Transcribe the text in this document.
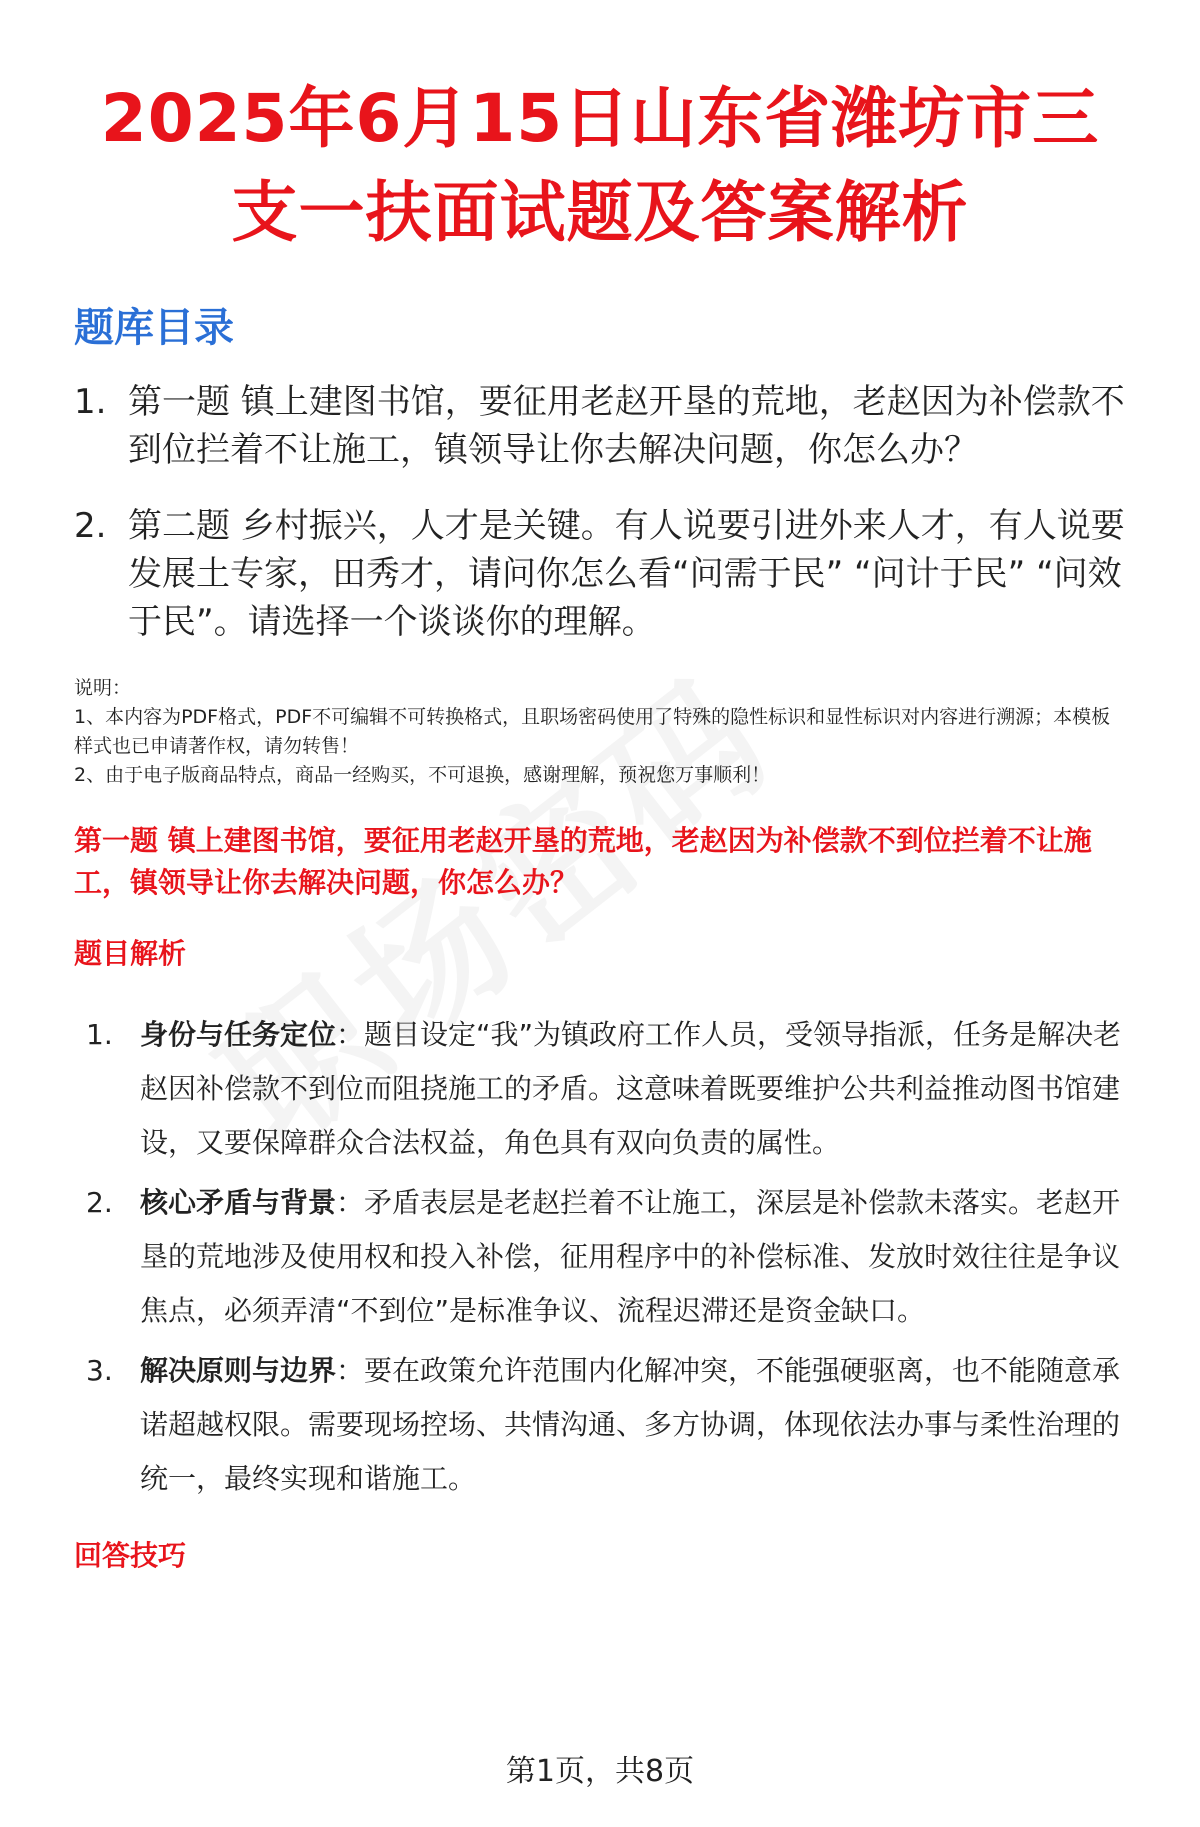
2025年6月15日山东省潍坊市三支一扶面试题及答案解析
题库目录
1. 第一题 镇上建图书馆，要征用老赵开垦的荒地，老赵因为补偿款不到位拦着不让施工，镇领导让你去解决问题，你怎么办？
2. 第二题 乡村振兴，人才是关键。有人说要引进外来人才，有人说要发展土专家，田秀才，请问你怎么看“问需于民” “问计于民” “问效于民”。请选择一个谈谈你的理解。
说明：
1、本内容为PDF格式，PDF不可编辑不可转换格式，且职场密码使用了特殊的隐性标识和显性标识对内容进行溯源；本模板样式也已申请著作权，请勿转售！
2、由于电子版商品特点，商品一经购买，不可退换，感谢理解，预祝您万事顺利！
第一题 镇上建图书馆，要征用老赵开垦的荒地，老赵因为补偿款不到位拦着不让施工，镇领导让你去解决问题，你怎么办？
题目解析
1. 身份与任务定位：题目设定“我”为镇政府工作人员，受领导指派，任务是解决老赵因补偿款不到位而阻挠施工的矛盾。这意味着既要维护公共利益推动图书馆建设，又要保障群众合法权益，角色具有双向负责的属性。
2. 核心矛盾与背景：矛盾表层是老赵拦着不让施工，深层是补偿款未落实。老赵开垦的荒地涉及使用权和投入补偿，征用程序中的补偿标准、发放时效往往是争议焦点，必须弄清“不到位”是标准争议、流程迟滞还是资金缺口。
3. 解决原则与边界：要在政策允许范围内化解冲突，不能强硬驱离，也不能随意承诺超越权限。需要现场控场、共情沟通、多方协调，体现依法办事与柔性治理的统一，最终实现和谐施工。
回答技巧
第1页，共8页
